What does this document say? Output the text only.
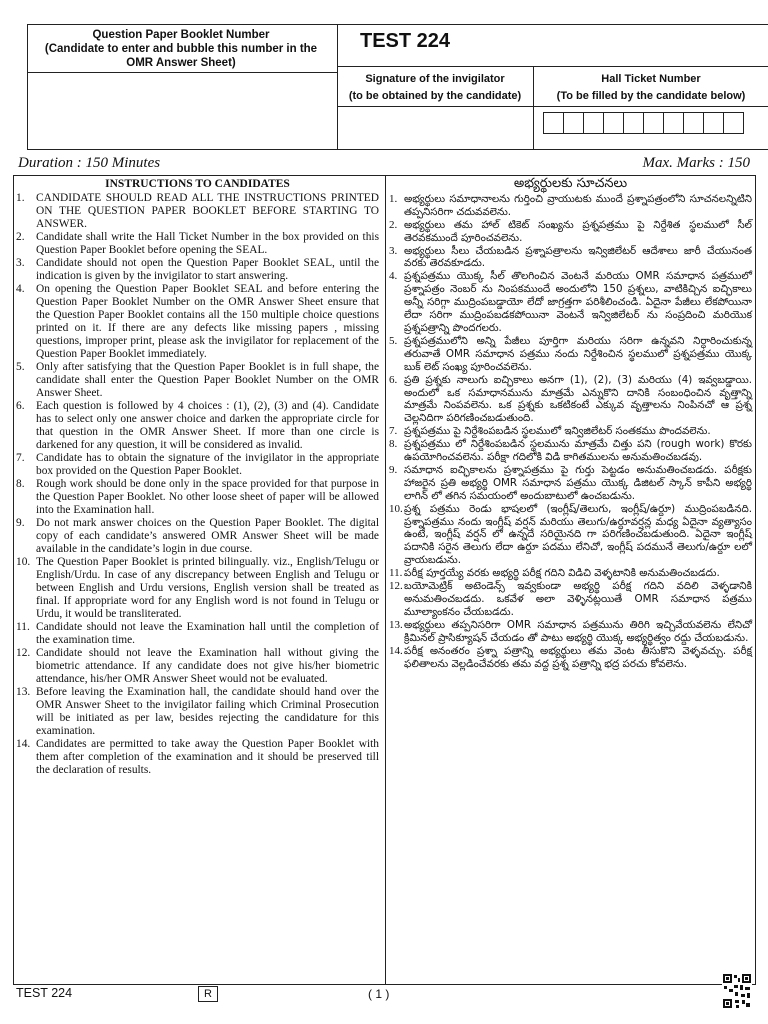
Question Paper Booklet Number
(Candidate to enter and bubble this number in the OMR Answer Sheet)
TEST 224
Signature of the invigilator
(to be obtained by the candidate)
Hall Ticket Number
(To be filled by the candidate below)
Duration : 150 Minutes	Max. Marks : 150
INSTRUCTIONS TO CANDIDATES
1.	CANDIDATE SHOULD READ ALL THE INSTRUCTIONS PRINTED ON THE QUESTION PAPER BOOKLET BEFORE STARTING TO ANSWER.
2.	Candidate shall write the Hall Ticket Number in the box provided on this Question Paper Booklet before opening the SEAL.
3.	Candidate should not open the Question Paper Booklet SEAL, until the indication is given by the invigilator to start answering.
4.	On opening the Question Paper Booklet SEAL and before entering the Question Paper Booklet Number on the OMR Answer Sheet ensure that the Question Paper Booklet contains all the 150 multiple choice questions printed on it. If there are any defects like missing papers , missing questions, improper print, please ask the invigilator for replacement of the Question Paper Booklet immediately.
5.	Only after satisfying that the Question Paper Booklet is in full shape, the candidate shall enter the Question Paper Booklet Number on the OMR Answer Sheet.
6.	Each question is followed by 4 choices : (1), (2), (3) and (4). Candidate has to select only one answer choice and darken the appropriate circle for that question in the OMR Answer Sheet. If more than one circle is darkened for any question, it will be considered as invalid.
7.	Candidate has to obtain the signature of the invigilator in the appropriate box provided on the Question Paper Booklet.
8.	Rough work should be done only in the space provided for that purpose in the Question Paper Booklet. No other loose sheet of paper will be allowed into the Examination hall.
9.	Do not mark answer choices on the Question Paper Booklet. The digital copy of each candidate’s answered OMR Answer Sheet will be made available in the candidate’s login in due course.
10. The Question Paper Booklet is printed bilingually. viz., English/Telugu or English/Urdu. In case of any discrepancy between English and Telugu or between English and Urdu versions, English version shall be treated as final. If appropriate word for any English word is not found in Telugu or Urdu, it would be transliterated.
11. Candidate should not leave the Examination hall until the completion of the examination time.
12. Candidate should not leave the Examination hall without giving the biometric attendance. If any candidate does not give his/her biometric attendance, his/her OMR Answer Sheet would not be evaluated.
13. Before leaving the Examination hall, the candidate should hand over the OMR Answer Sheet to the invigilator failing which Criminal Prosecution will be initiated as per law, besides rejecting the candidature for this examination.
14. Candidates are permitted to take away the Question Paper Booklet with them after completion of the examination and it should be preserved till the declaration of results.
అభ్యర్థులకు సూచనలు
1. అభ్యర్థులు సమాధానాలను గుర్తించి వ్రాయుటకు ముందే ప్రశ్నాపత్రంలోని సూచనలన్నిటిని తప్పనిసరిగా చదువవలెను.
2. అభ్యర్థులు తమ హాల్ టికెట్ సంఖ్యను ప్రశ్నపత్రము పై నిర్దేశిత స్థలములో సీల్ తెరవకముందే పూరించవలెను.
3. అభ్యర్థులు సీలు చేయబడిన ప్రశ్నాపత్రాలను ఇన్విజిలేటర్ ఆదేశాలు జారీ చేయునంత వరకు తెరవకూడదు.
4. ప్రశ్నపత్రము యొక్క సీల్ తొలగించిన వెంటనే మరియు OMR సమాధాన పత్రములో ప్రశ్నాపత్రం నెంబర్ ను నింపకముందే అందులోని 150 ప్రశ్నలు, వాటికిచ్చిన ఐచ్ఛికాలు అన్నీ సరిగ్గా ముద్రింపబడ్డాయో లేదో జాగ్రత్తగా పరిశీలించండి. ఏదైనా పేజీలు లేకపోయినా లేదా సరిగా ముద్రింపబడకపోయినా వెంటనే ఇన్విజిలేటర్ ను సంప్రదించి మరియొక ప్రశ్నపత్రాన్ని పొందగలరు.
5. ప్రశ్నపత్రములోని అన్ని పేజీలు పూర్తిగా మరియు సరిగా ఉన్నవని నిర్ధారించుకున్న తరువాతే OMR సమాధాన పత్రము నందు నిర్దేశించిన స్థలములో ప్రశ్నపత్రము యొక్క బుక్ లెట్ సంఖ్య పూరించవలెను.
6. ప్రతి ప్రశ్నకు నాలుగు ఐచ్ఛికాలు అనగా (1), (2), (3) మరియు (4) ఇవ్వబడ్డాయి. అందులో ఒక సమాధానమును మాత్రమే ఎన్నుకొని దానికి సంబంధించిన వృత్తాన్ని మాత్రమే నింపవలెను. ఒక ప్రశ్నకు ఒకటికంటే ఎక్కువ వృత్తాలను నింపినచో ఆ ప్రశ్న చెల్లనిదిగా పరిగణించబడుతుంది.
7. ప్రశ్నపత్రము పై నిర్దేశింపబడిన స్థలములో ఇన్విజిలేటర్ సంతకము పొందవలెను.
8. ప్రశ్నపత్రము లో నిర్దేశింపబడిన స్థలమును మాత్రమే చిత్తు పని (rough work) కొరకు ఉపయోగించవలెను. పరీక్షా గదిలోకి విడి కాగితములను అనుమతించబడవు.
9. సమాధాన ఐచ్ఛికాలను ప్రశ్నాపత్రము పై గుర్తు పెట్టడం అనుమతించబడదు. పరీక్షకు హాజరైన ప్రతి అభ్యర్థి OMR సమాధాన పత్రము యొక్క డిజిటల్ స్కాన్ కాపీని అభ్యర్థి లాగిన్ లో తగిన సమయంలో అందుబాటులో ఉంచబడును.
10. ప్రశ్న పత్రము రెండు భాషలలో (ఇంగ్లీష్/తెలుగు, ఇంగ్లీష్/ఉర్దూ) ముద్రింపబడినది. ప్రశ్నాపత్రము నందు ఇంగ్లీష్ వర్షన్ మరియు తెలుగు/ఉర్దూవర్షన్ల మధ్య ఏదైనా వ్యత్యాసం ఉంటే, ఇంగ్లీష్ వర్షన్ లో ఉన్నదే సరియైనది గా పరిగణించబడుతుంది. ఏదైనా ఇంగ్లీష్ పదానికి సరైన తెలుగు లేదా ఉర్దూ పదము లేనిచో, ఇంగ్లీష్ పదమునే తెలుగు/ఉర్దూ లలో వ్రాయబడును.
11. పరీక్ష పూర్తయ్యే వరకు అభ్యర్థి పరీక్ష గదిని విడిచి వెళ్ళటానికి అనుమతించబడదు.
12. బయోమెట్రిక్ అటెండెన్స్ ఇవ్వకుండా అభ్యర్థి పరీక్ష గదిని వదిలి వెళ్ళడానికి అనుమతించబడదు. ఒకవేళ అలా వెళ్ళినట్లయితే OMR సమాధాన పత్రము మూల్యాంకనం చేయబడదు.
13. అభ్యర్థులు తప్పనిసరిగా OMR సమాధాన పత్రమును తిరిగి ఇచ్చివేయవలెను లేనిచో క్రిమినల్ ప్రాసిక్యూషన్ చేయడం తో పాటు అభ్యర్థి యొక్క అభ్యర్థిత్వం రద్దు చేయబడును.
14. పరీక్ష అనంతరం ప్రశ్నా పత్రాన్ని అభ్యర్థులు తమ వెంట తీసుకొని వెళ్ళవచ్చు. పరీక్ష ఫలితాలను వెల్లడించేవరకు తమ వద్ద ప్రశ్న పత్రాన్ని భద్ర పరచు కోవలెను.
TEST 224	R	( 1 )
